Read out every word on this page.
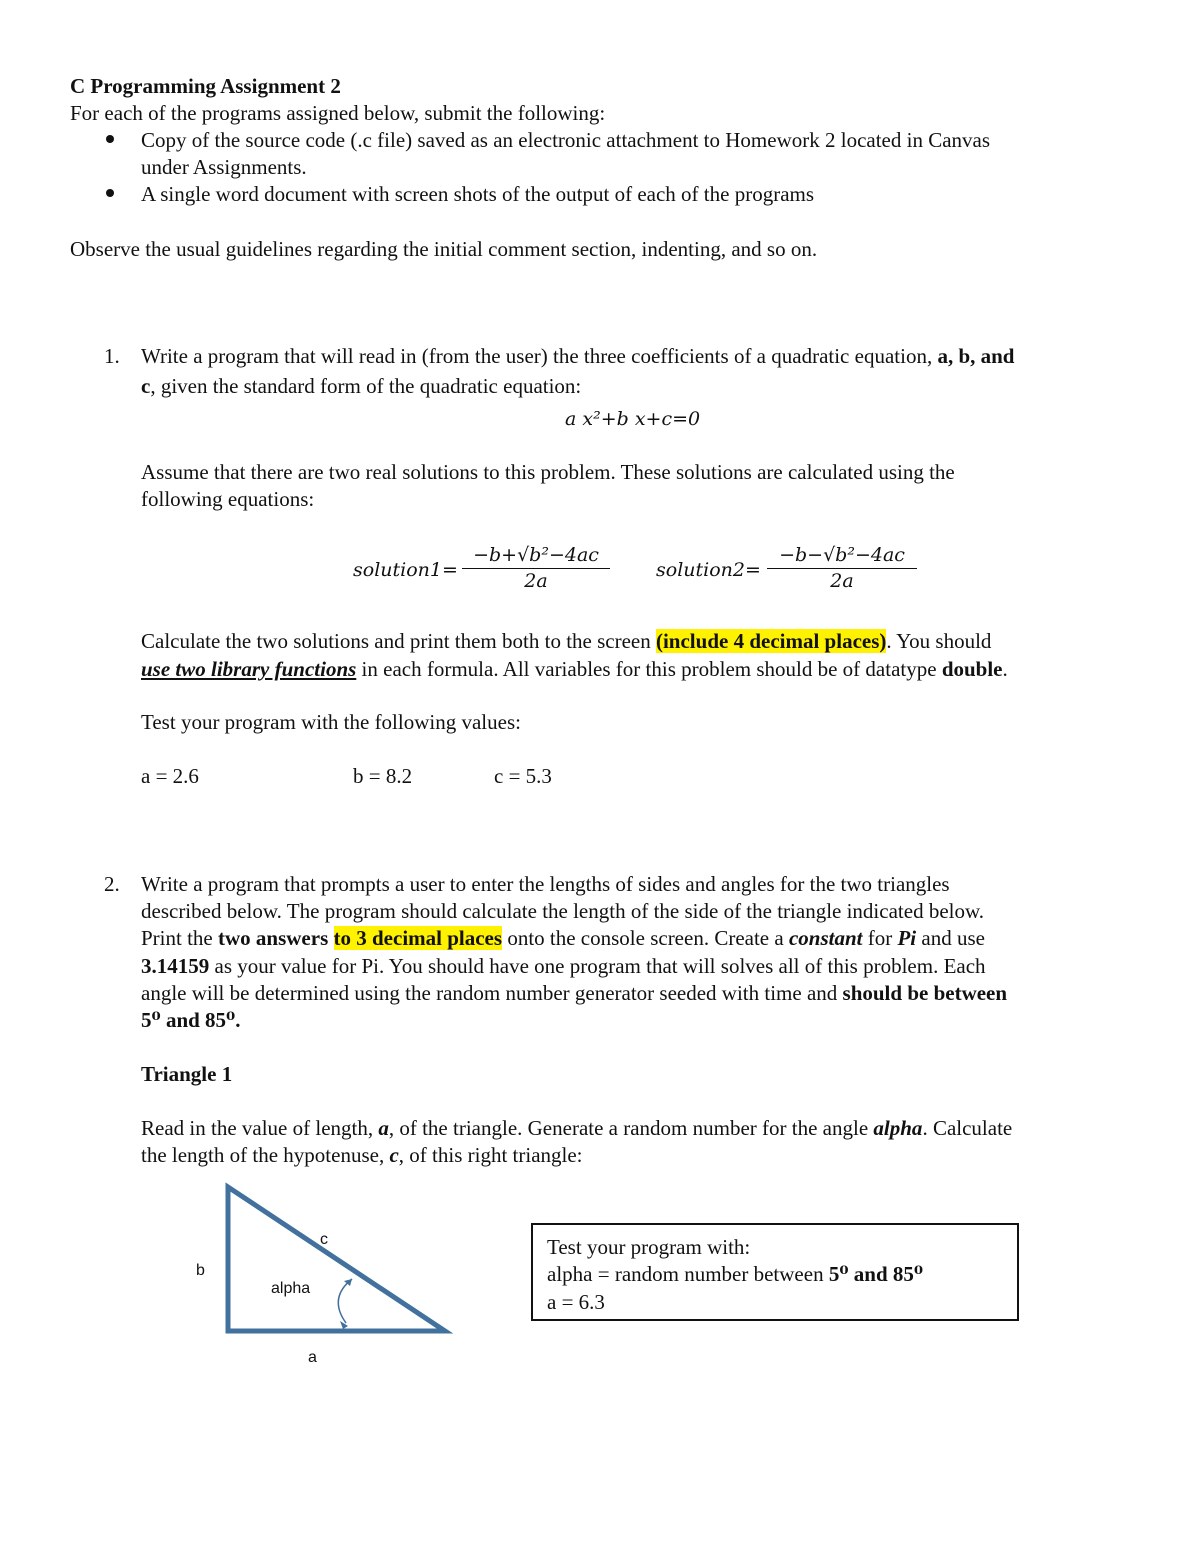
C Programming Assignment 2
For each of the programs assigned below, submit the following:
Copy of the source code (.c file) saved as an electronic attachment to Homework 2 located in Canvas
under Assignments.
A single word document with screen shots of the output of each of the programs
Observe the usual guidelines regarding the initial comment section, indenting, and so on.
1. Write a program that will read in (from the user) the three coefficients of a quadratic equation, a, b, and
c, given the standard form of the quadratic equation:
a x²+b x+c=0
Assume that there are two real solutions to this problem. These solutions are calculated using the
following equations:
solution1= $\frac{\text{−b+√b²−4ac}}{2a}$ solution2= $\frac{\text{−b−√b²−4ac}}{2a}$
Calculate the two solutions and print them both to the screen (include 4 decimal places). You should
use two library functions in each formula. All variables for this problem should be of datatype double.
Test your program with the following values:
a = 2.6	b = 8.2	c = 5.3
2. Write a program that prompts a user to enter the lengths of sides and angles for the two triangles
described below. The program should calculate the length of the side of the triangle indicated below.
Print the two answers to 3 decimal places onto the console screen. Create a constant for Pi and use
3.14159 as your value for Pi. You should have one program that will solves all of this problem. Each
angle will be determined using the random number generator seeded with time and should be between
5⁰ and 85⁰.
Triangle 1
Read in the value of length, a, of the triangle. Generate a random number for the angle alpha. Calculate
the length of the hypotenuse, c, of this right triangle:
c
b
alpha
a
Test your program with:
alpha = random number between 5⁰ and 85⁰
a = 6.3
